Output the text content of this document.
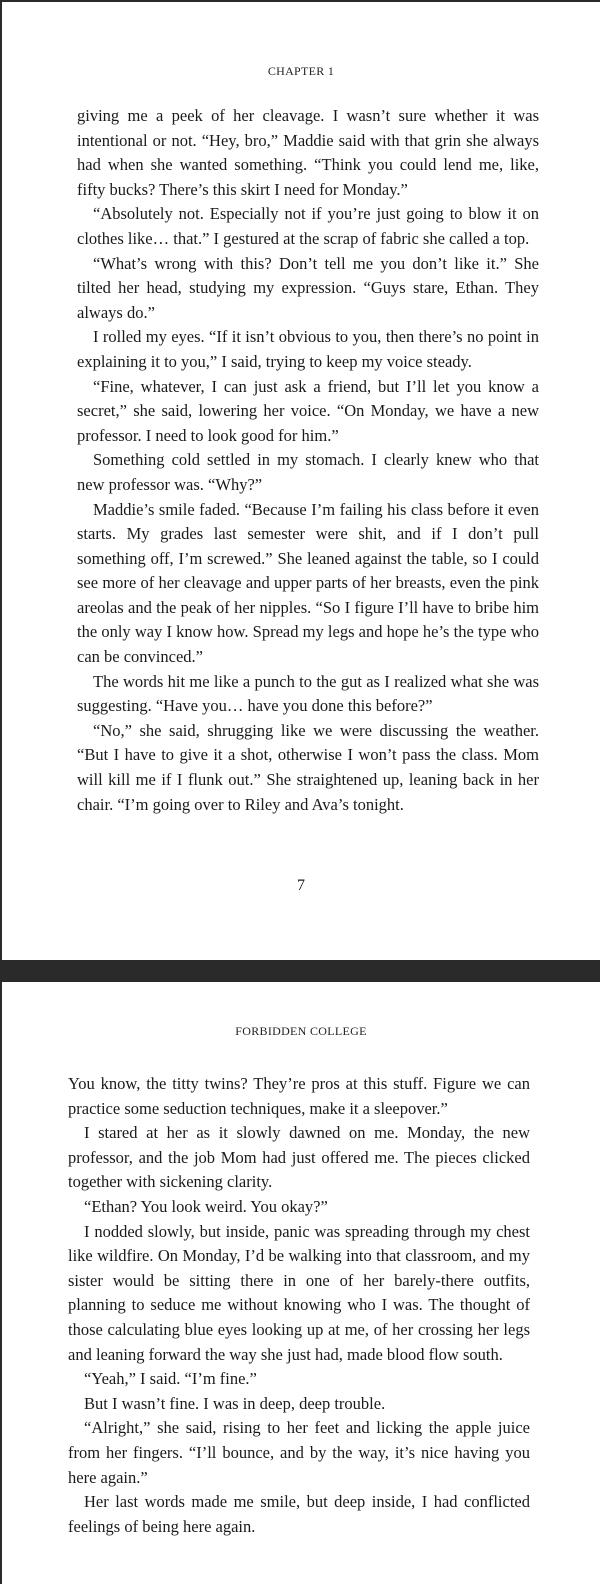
CHAPTER 1

giving me a peek of her cleavage. I wasn’t sure whether it was intentional or not. “Hey, bro,” Maddie said with that grin she always had when she wanted something. “Think you could lend me, like, fifty bucks? There’s this skirt I need for Monday.”

“Absolutely not. Especially not if you’re just going to blow it on clothes like… that.” I gestured at the scrap of fabric she called a top.

“What’s wrong with this? Don’t tell me you don’t like it.” She tilted her head, studying my expression. “Guys stare, Ethan. They always do.”

I rolled my eyes. “If it isn’t obvious to you, then there’s no point in explaining it to you,” I said, trying to keep my voice steady.

“Fine, whatever, I can just ask a friend, but I’ll let you know a secret,” she said, lowering her voice. “On Monday, we have a new professor. I need to look good for him.”

Something cold settled in my stomach. I clearly knew who that new professor was. “Why?”

Maddie’s smile faded. “Because I’m failing his class before it even starts. My grades last semester were shit, and if I don’t pull something off, I’m screwed.” She leaned against the table, so I could see more of her cleavage and upper parts of her breasts, even the pink areolas and the peak of her nipples. “So I figure I’ll have to bribe him the only way I know how. Spread my legs and hope he’s the type who can be convinced.”

The words hit me like a punch to the gut as I realized what she was suggesting. “Have you… have you done this before?”

“No,” she said, shrugging like we were discussing the weather. “But I have to give it a shot, otherwise I won’t pass the class. Mom will kill me if I flunk out.” She straightened up, leaning back in her chair. “I’m going over to Riley and Ava’s tonight.

7
FORBIDDEN COLLEGE

You know, the titty twins? They’re pros at this stuff. Figure we can practice some seduction techniques, make it a sleepover.”

I stared at her as it slowly dawned on me. Monday, the new professor, and the job Mom had just offered me. The pieces clicked together with sickening clarity.

“Ethan? You look weird. You okay?”

I nodded slowly, but inside, panic was spreading through my chest like wildfire. On Monday, I’d be walking into that classroom, and my sister would be sitting there in one of her barely-there outfits, planning to seduce me without knowing who I was. The thought of those calculating blue eyes looking up at me, of her crossing her legs and leaning forward the way she just had, made blood flow south.

“Yeah,” I said. “I’m fine.”

But I wasn’t fine. I was in deep, deep trouble.

“Alright,” she said, rising to her feet and licking the apple juice from her fingers. “I’ll bounce, and by the way, it’s nice having you here again.”

Her last words made me smile, but deep inside, I had conflicted feelings of being here again.
